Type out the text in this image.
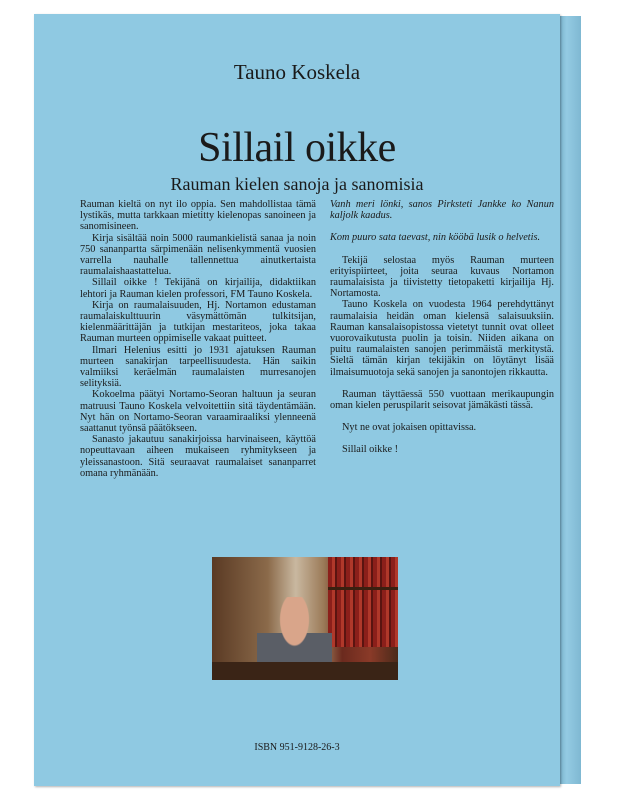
Tauno Koskela
Sillail oikke
Rauman kielen sanoja ja sanomisia

Rauman kieltä on nyt ilo oppia. Sen mahdollistaa tämä lystikäs, mutta tarkkaan mietitty kielenopas sanoineen ja sanomisineen.

Kirja sisältää noin 5000 raumankielistä sanaa ja noin 750 sananpartta särpimenään nelisenkymmentä vuosien varrella nauhalle tallennettua ainutkertaista raumalaishaastattelua.

Sillail oikke ! Tekijänä on kirjailija, didaktiikan lehtori ja Rauman kielen professori, FM Tauno Koskela.

Kirja on raumalaisuuden, Hj. Nortamon edustaman raumalaiskulttuurin väsymättömän tulkitsijan, kielenmäärittäjän ja tutkijan mestariteos, joka takaa Rauman murteen oppimiselle vakaat puitteet.

Ilmari Helenius esitti jo 1931 ajatuksen Rauman murteen sanakirjan tarpeellisuudesta. Hän saikin valmiiksi keräelmän raumalaisten murresanojen selityksiä.

Kokoelma päätyi Nortamo-Seoran haltuun ja seuran matruusi Tauno Koskela velvoitettiin sitä täydentämään. Nyt hän on Nortamo-Seoran varaamiraaliksi ylenneenä saattanut työnsä päätökseen.

Sanasto jakautuu sanakirjoissa harvinaiseen, käyttöä nopeuttavaan aiheen mukaiseen ryhmitykseen ja yleissanastoon. Sitä seuraavat raumalaiset sananparret omana ryhmänään.

Vanh meri lönki, sanos Pirksteti Jankke ko Nanun kaljolk kaadus.

Kom puuro sata taevast, nin kööbä lusik o helvetis.

Tekijä selostaa myös Rauman murteen erityispiirteet, joita seuraa kuvaus Nortamon raumalaisista ja tiivistetty tietopaketti kirjailija Hj. Nortamosta.

Tauno Koskela on vuodesta 1964 perehdyttänyt raumalaisia heidän oman kielensä salaisuuksiin. Rauman kansalaisopistossa vietetyt tunnit ovat olleet vuorovaikutusta puolin ja toisin. Niiden aikana on puitu raumalaisten sanojen perimmäistä merkitystä. Sieltä tämän kirjan tekijäkin on löytänyt lisää ilmaisumuotoja sekä sanojen ja sanontojen rikkautta.

Rauman täyttäessä 550 vuottaan merikaupungin oman kielen peruspilarit seisovat jämäkästi tässä.

Nyt ne ovat jokaisen opittavissa.

Sillail oikke !

ISBN 951-9128-26-3
